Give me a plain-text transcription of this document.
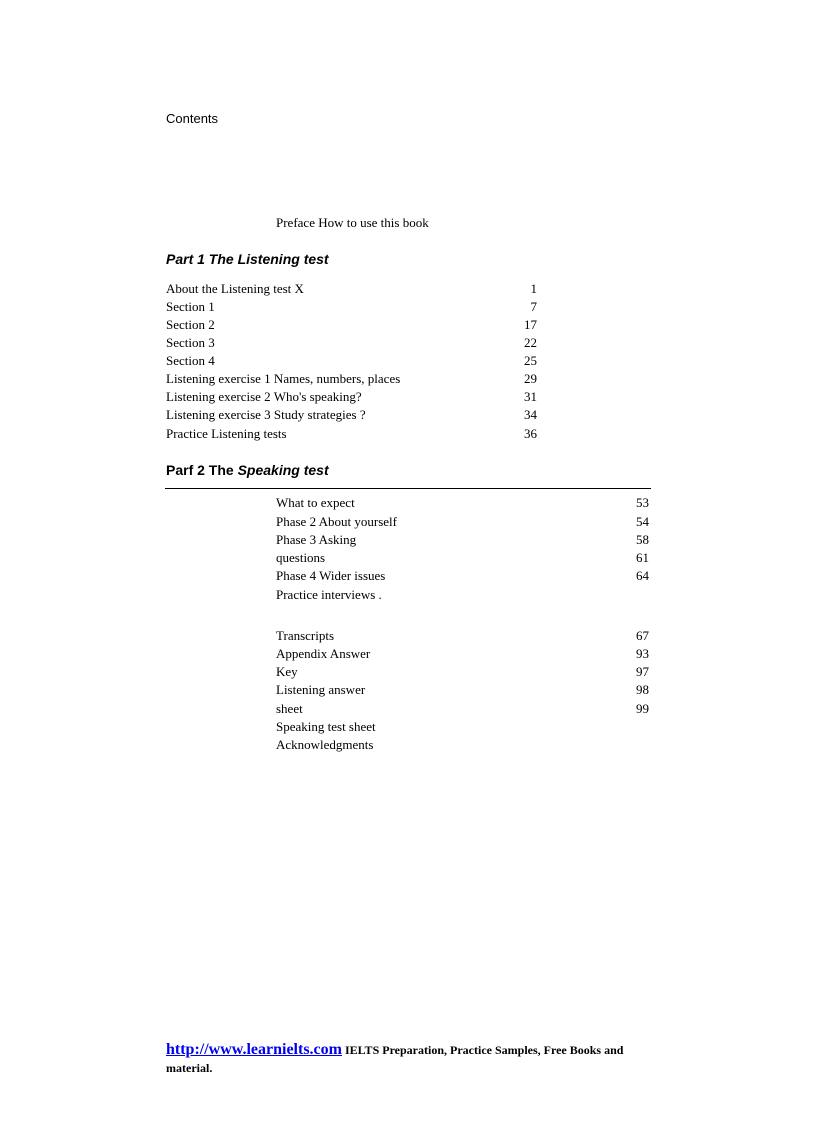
Contents
Preface How to use this book
Part 1 The Listening test
About the Listening test X	1
Section 1	7
Section 2	17
Section 3	22
Section 4	25
Listening exercise 1 Names, numbers, places	29
Listening exercise 2 Who's speaking?	31
Listening exercise 3 Study strategies ?	34
Practice Listening tests	36
Parf 2 The Speaking test
What to expect	53
Phase 2 About yourself	54
Phase 3 Asking	58
questions	61
Phase 4 Wider issues	64
Practice interviews .
Transcripts	67
Appendix Answer	93
Key	97
Listening answer	98
sheet	99
Speaking test sheet
Acknowledgments
http://www.learnielts.com IELTS Preparation, Practice Samples, Free Books and material.
